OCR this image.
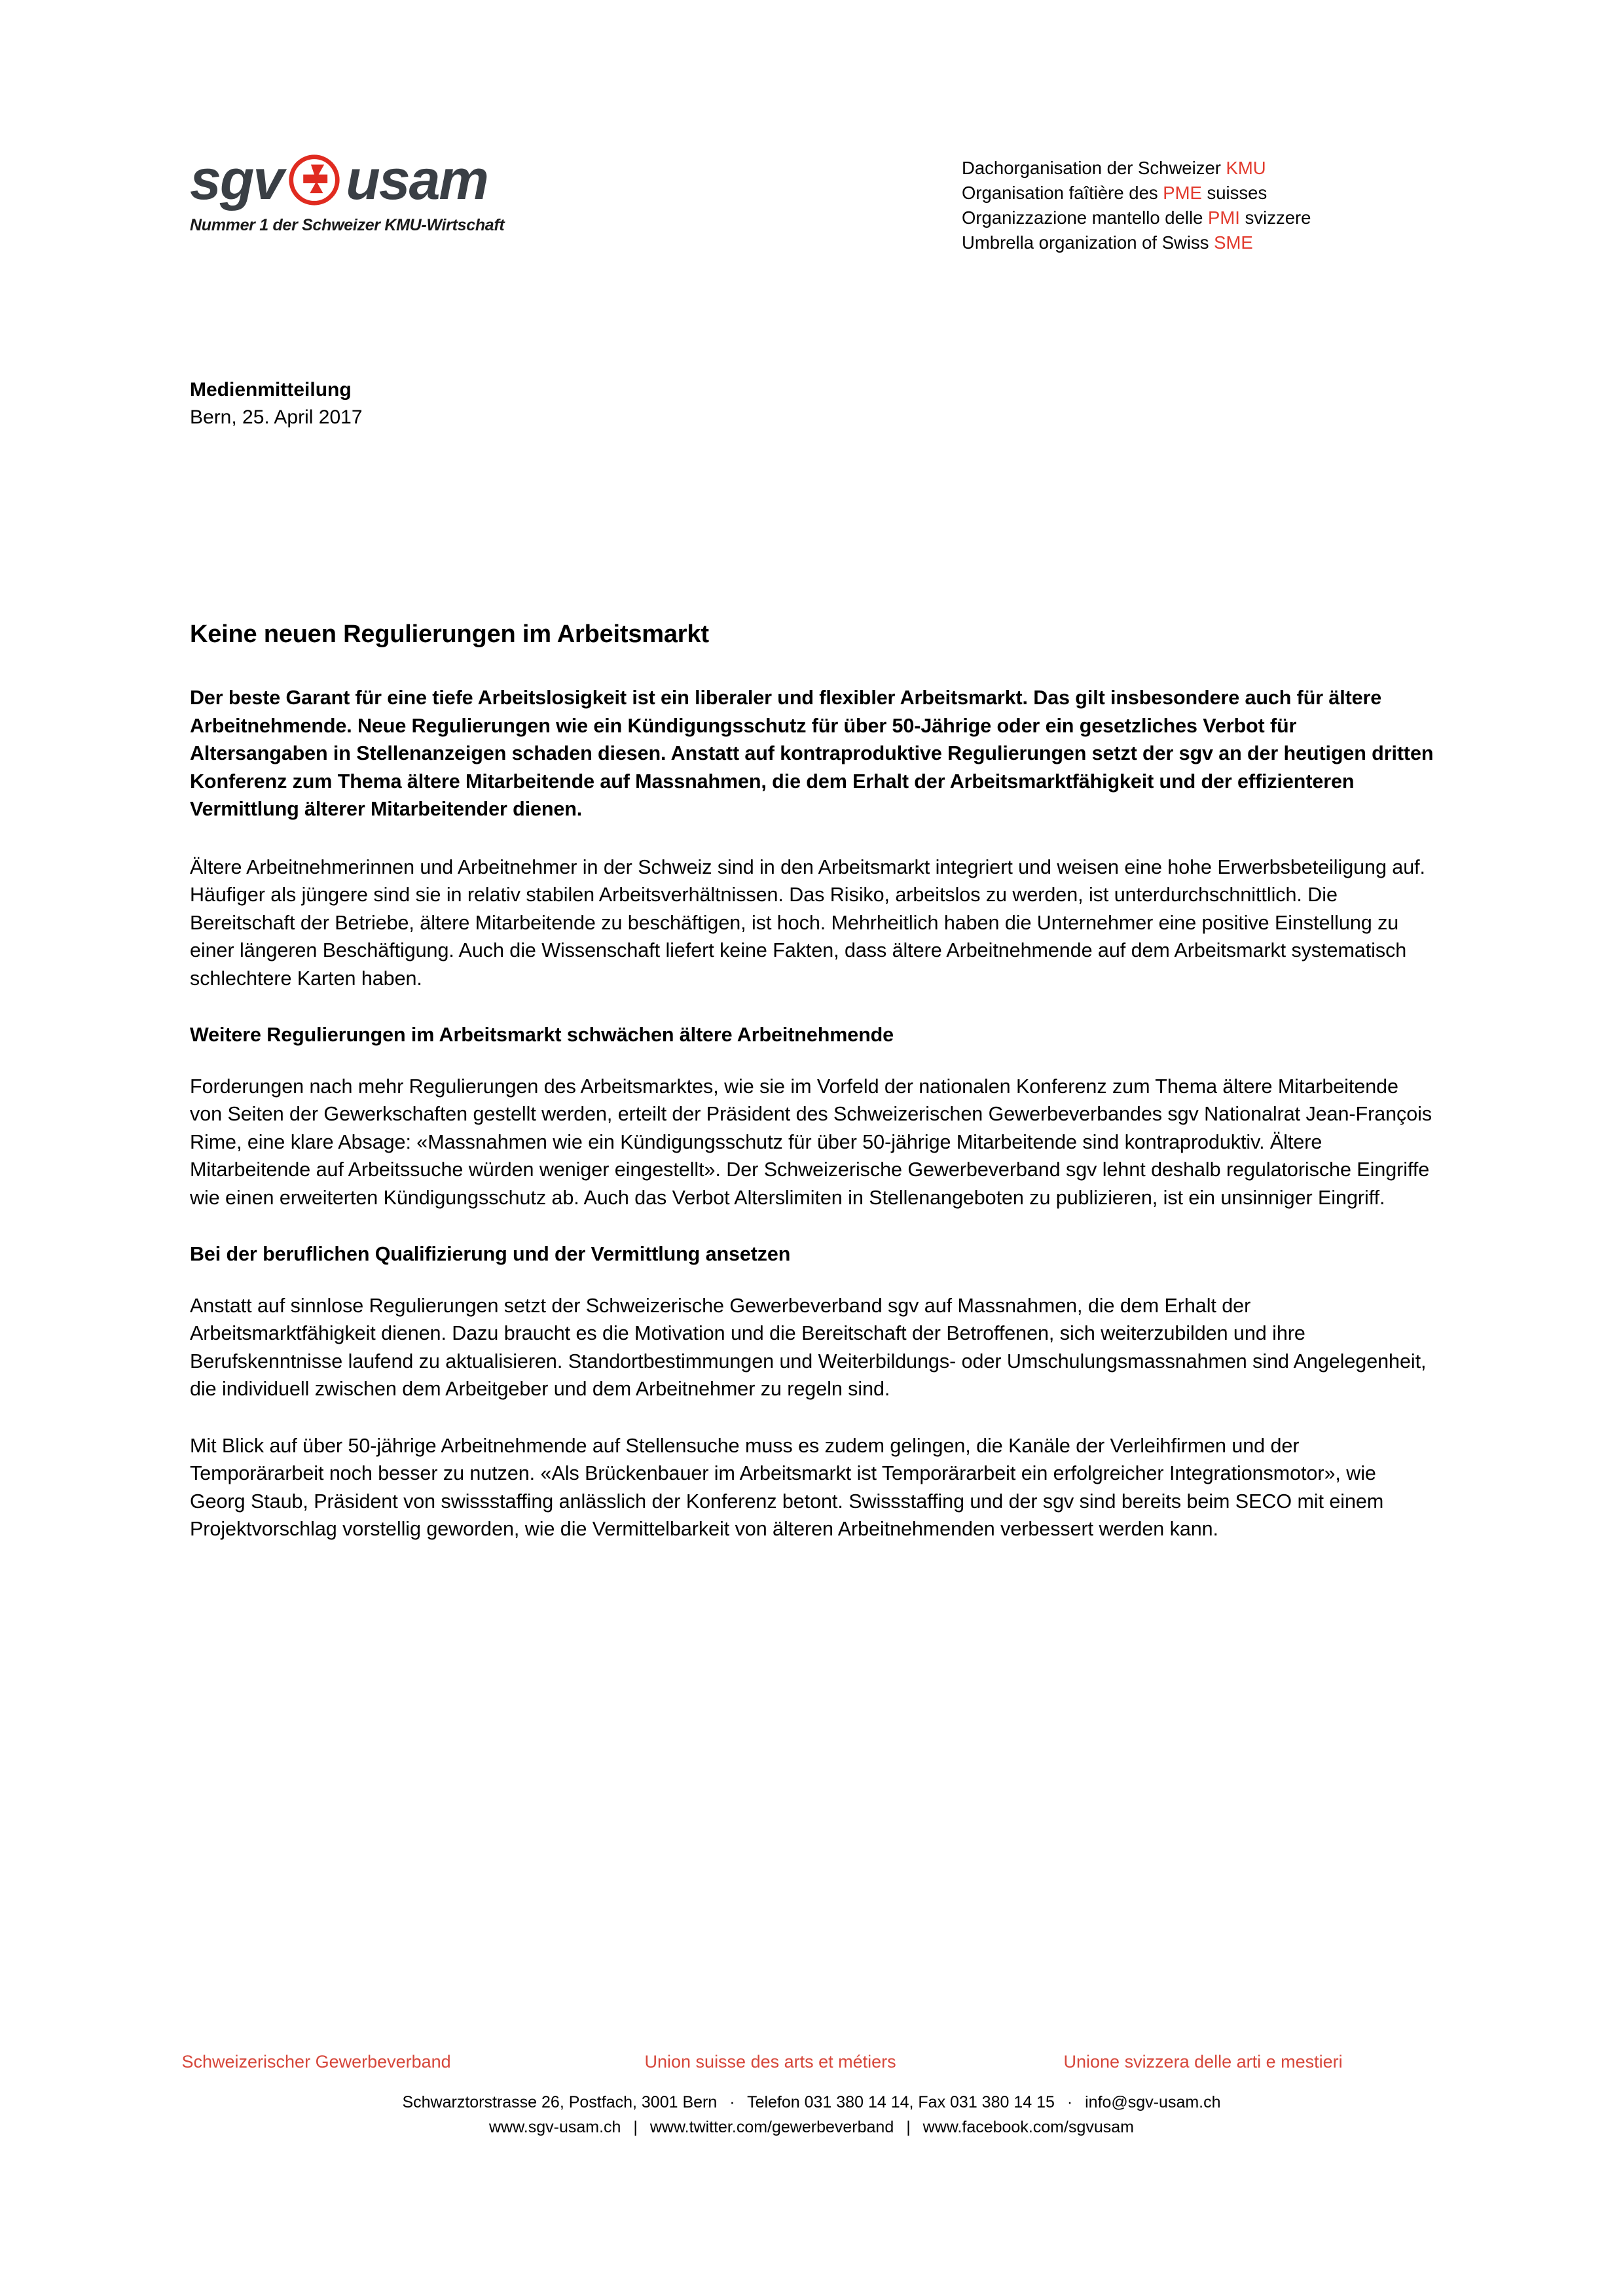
sgv usam
Nummer 1 der Schweizer KMU-Wirtschaft
Dachorganisation der Schweizer KMU
Organisation faîtière des PME suisses
Organizzazione mantello delle PMI svizzere
Umbrella organization of Swiss SME
Medienmitteilung
Bern, 25. April 2017
Keine neuen Regulierungen im Arbeitsmarkt

Der beste Garant für eine tiefe Arbeitslosigkeit ist ein liberaler und flexibler Arbeitsmarkt. Das gilt insbesondere auch für ältere Arbeitnehmende. Neue Regulierungen wie ein Kündigungsschutz für über 50-Jährige oder ein gesetzliches Verbot für Altersangaben in Stellenanzeigen schaden diesen. Anstatt auf kontraproduktive Regulierungen setzt der sgv an der heutigen dritten Konferenz zum Thema ältere Mitarbeitende auf Massnahmen, die dem Erhalt der Arbeitsmarktfähigkeit und der effizienteren Vermittlung älterer Mitarbeitender dienen.

Ältere Arbeitnehmerinnen und Arbeitnehmer in der Schweiz sind in den Arbeitsmarkt integriert und weisen eine hohe Erwerbsbeteiligung auf. Häufiger als jüngere sind sie in relativ stabilen Arbeitsverhältnissen. Das Risiko, arbeitslos zu werden, ist unterdurchschnittlich. Die Bereitschaft der Betriebe, ältere Mitarbeitende zu beschäftigen, ist hoch. Mehrheitlich haben die Unternehmer eine positive Einstellung zu einer längeren Beschäftigung. Auch die Wissenschaft liefert keine Fakten, dass ältere Arbeitnehmende auf dem Arbeitsmarkt systematisch schlechtere Karten haben.

Weitere Regulierungen im Arbeitsmarkt schwächen ältere Arbeitnehmende

Forderungen nach mehr Regulierungen des Arbeitsmarktes, wie sie im Vorfeld der nationalen Konferenz zum Thema ältere Mitarbeitende von Seiten der Gewerkschaften gestellt werden, erteilt der Präsident des Schweizerischen Gewerbeverbandes sgv Nationalrat Jean-François Rime, eine klare Absage: «Massnahmen wie ein Kündigungsschutz für über 50-jährige Mitarbeitende sind kontraproduktiv. Ältere Mitarbeitende auf Arbeitssuche würden weniger eingestellt». Der Schweizerische Gewerbeverband sgv lehnt deshalb regulatorische Eingriffe wie einen erweiterten Kündigungsschutz ab. Auch das Verbot Alterslimiten in Stellenangeboten zu publizieren, ist ein unsinniger Eingriff.

Bei der beruflichen Qualifizierung und der Vermittlung ansetzen

Anstatt auf sinnlose Regulierungen setzt der Schweizerische Gewerbeverband sgv auf Massnahmen, die dem Erhalt der Arbeitsmarktfähigkeit dienen. Dazu braucht es die Motivation und die Bereitschaft der Betroffenen, sich weiterzubilden und ihre Berufskenntnisse laufend zu aktualisieren. Standortbestimmungen und Weiterbildungs- oder Umschulungsmassnahmen sind Angelegenheit, die individuell zwischen dem Arbeitgeber und dem Arbeitnehmer zu regeln sind.

Mit Blick auf über 50-jährige Arbeitnehmende auf Stellensuche muss es zudem gelingen, die Kanäle der Verleihfirmen und der Temporärarbeit noch besser zu nutzen. «Als Brückenbauer im Arbeitsmarkt ist Temporärarbeit ein erfolgreicher Integrationsmotor», wie Georg Staub, Präsident von swissstaffing anlässlich der Konferenz betont. Swissstaffing und der sgv sind bereits beim SECO mit einem Projektvorschlag vorstellig geworden, wie die Vermittelbarkeit von älteren Arbeitnehmenden verbessert werden kann.

Schweizerischer Gewerbeverband	Union suisse des arts et métiers	Unione svizzera delle arti e mestieri
Schwarztorstrasse 26, Postfach, 3001 Bern · Telefon 031 380 14 14, Fax 031 380 14 15 · info@sgv-usam.ch
www.sgv-usam.ch | www.twitter.com/gewerbeverband | www.facebook.com/sgvusam
